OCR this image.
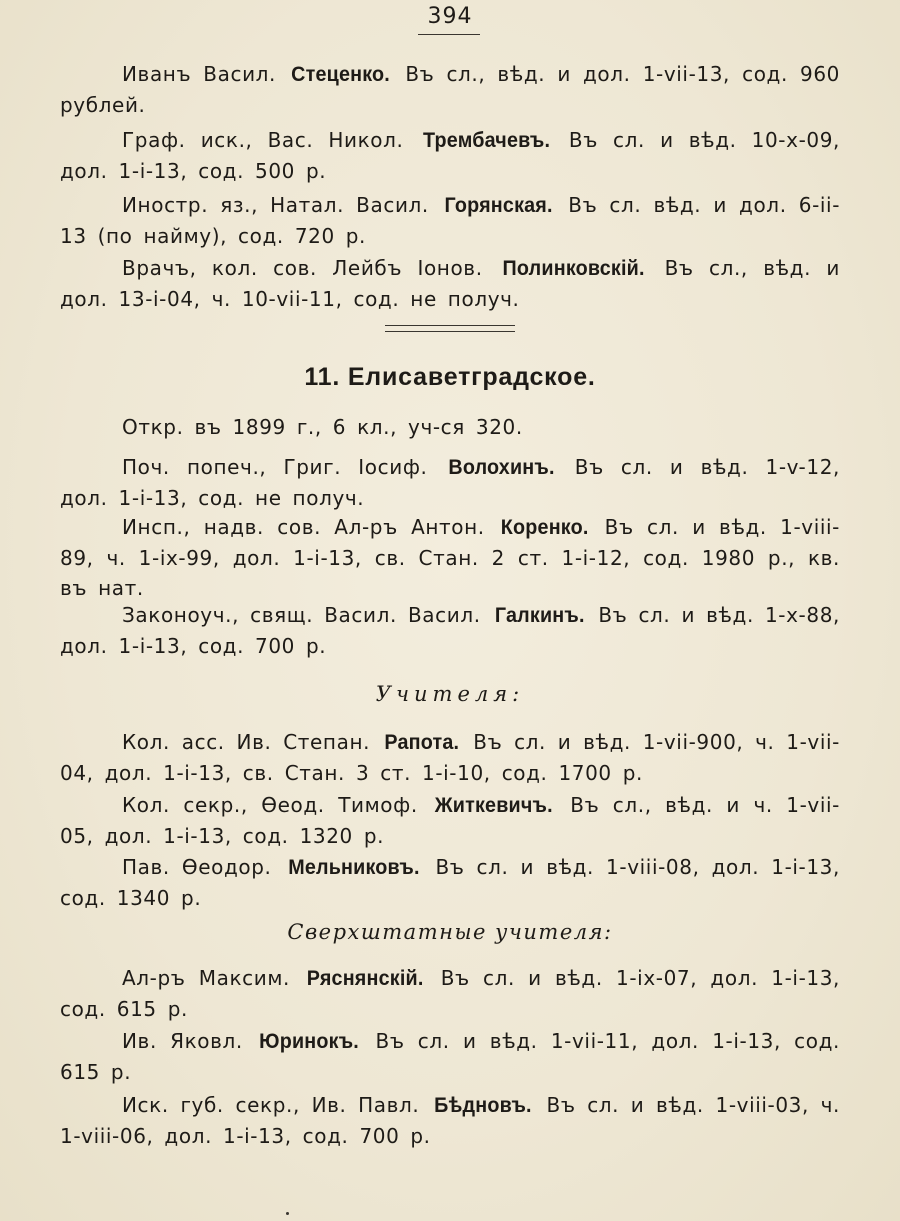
394

Иванъ Васил. Стеценко. Въ сл., вѣд. и дол. 1-vii-13, сод. 960 рублей.

Граф. иск., Вас. Никол. Трембачевъ. Въ сл. и вѣд. 10-x-09, дол. 1-i-13, сод. 500 р.

Иностр. яз., Натал. Васил. Горянская. Въ сл. вѣд. и дол. 6-ii-13 (по найму), сод. 720 р.

Врачъ, кол. сов. Лейбъ Іонов. Полинковскій. Въ сл., вѣд. и дол. 13-i-04, ч. 10-vii-11, сод. не получ.

11. Елисаветградское.

Откр. въ 1899 г., 6 кл., уч-ся 320.

Поч. попеч., Григ. Іосиф. Волохинъ. Въ сл. и вѣд. 1-v-12, дол. 1-i-13, сод. не получ.

Инсп., надв. сов. Ал-ръ Антон. Коренко. Въ сл. и вѣд. 1-viii-89, ч. 1-ix-99, дол. 1-i-13, св. Стан. 2 ст. 1-i-12, сод. 1980 р., кв. въ нат.

Законоуч., свящ. Васил. Васил. Галкинъ. Въ сл. и вѣд. 1-x-88, дол. 1-i-13, сод. 700 р.

Учителя:

Кол. асс. Ив. Степан. Рапота. Въ сл. и вѣд. 1-vii-900, ч. 1-vii-04, дол. 1-i-13, св. Стан. 3 ст. 1-i-10, сод. 1700 р.

Кол. секр., Ѳеод. Тимоф. Житкевичъ. Въ сл., вѣд. и ч. 1-vii-05, дол. 1-i-13, сод. 1320 р.

Пав. Ѳеодор. Мельниковъ. Въ сл. и вѣд. 1-viii-08, дол. 1-i-13, сод. 1340 р.

Сверхштатные учителя:

Ал-ръ Максим. Ряснянскій. Въ сл. и вѣд. 1-ix-07, дол. 1-i-13, сод. 615 р.

Ив. Яковл. Юринокъ. Въ сл. и вѣд. 1-vii-11, дол. 1-i-13, сод. 615 р.

Иск. губ. секр., Ив. Павл. Бѣдновъ. Въ сл. и вѣд. 1-viii-03, ч. 1-viii-06, дол. 1-i-13, сод. 700 р.
